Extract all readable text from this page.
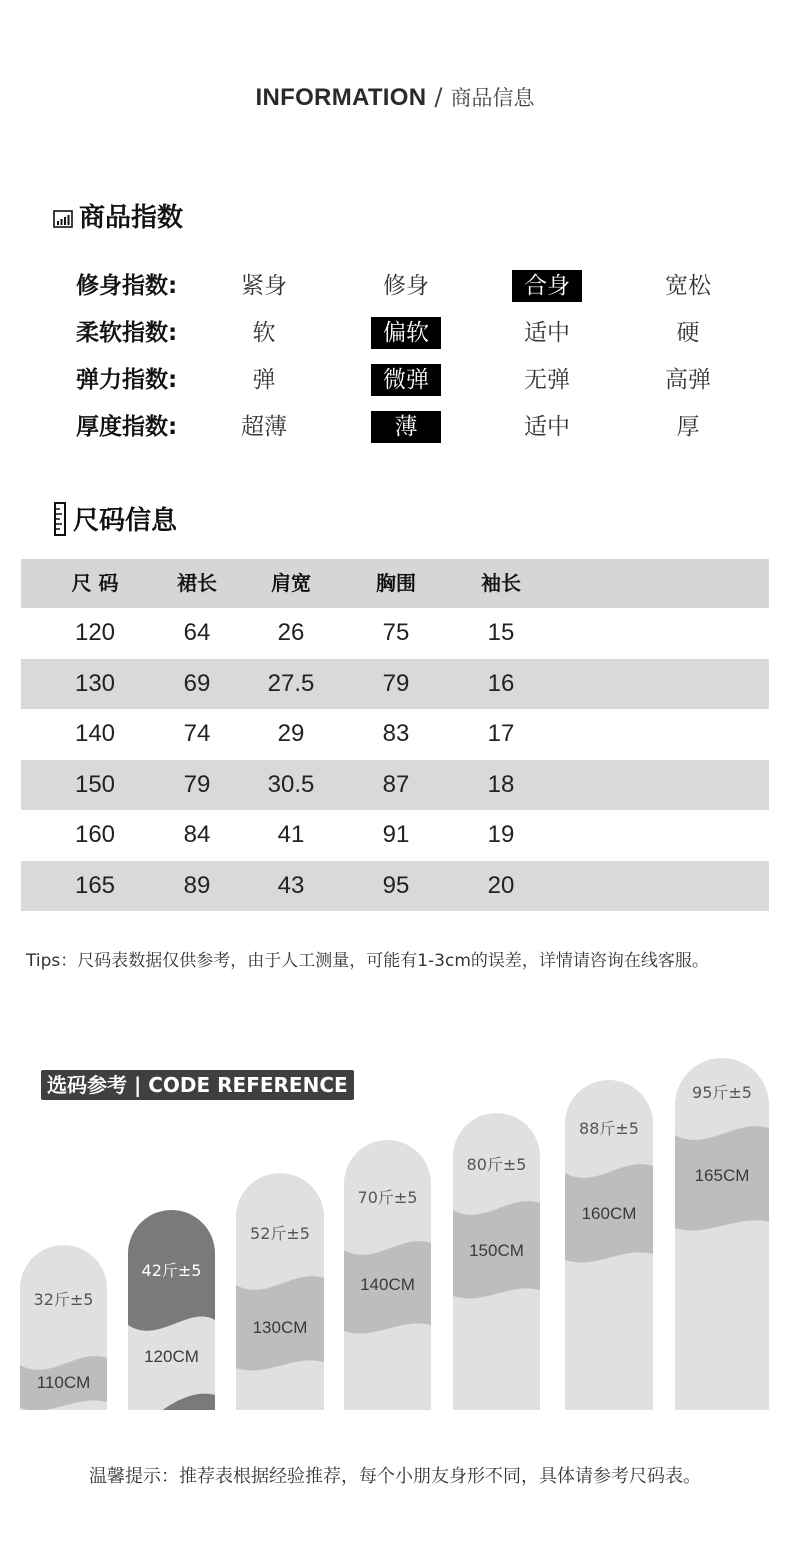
INFORMATION / 商品信息
商品指数
修身指数:	紧身	修身	合身	宽松
柔软指数:	软	偏软	适中	硬
弹力指数:	弹	微弹	无弹	高弹
厚度指数:	超薄	薄	适中	厚
尺码信息
尺 码	裙长	肩宽	胸围	袖长
120	64	26	75	15
130	69	27.5	79	16
140	74	29	83	17
150	79	30.5	87	18
160	84	41	91	19
165	89	43	95	20
Tips：尺码表数据仅供参考，由于人工测量，可能有1-3cm的误差，详情请咨询在线客服。
32斤±5
110CM
42斤±5
120CM
52斤±5
130CM
70斤±5
140CM
80斤±5
150CM
88斤±5
160CM
95斤±5
165CM
选码参考 | CODE REFERENCE
温馨提示：推荐表根据经验推荐，每个小朋友身形不同，具体请参考尺码表。
